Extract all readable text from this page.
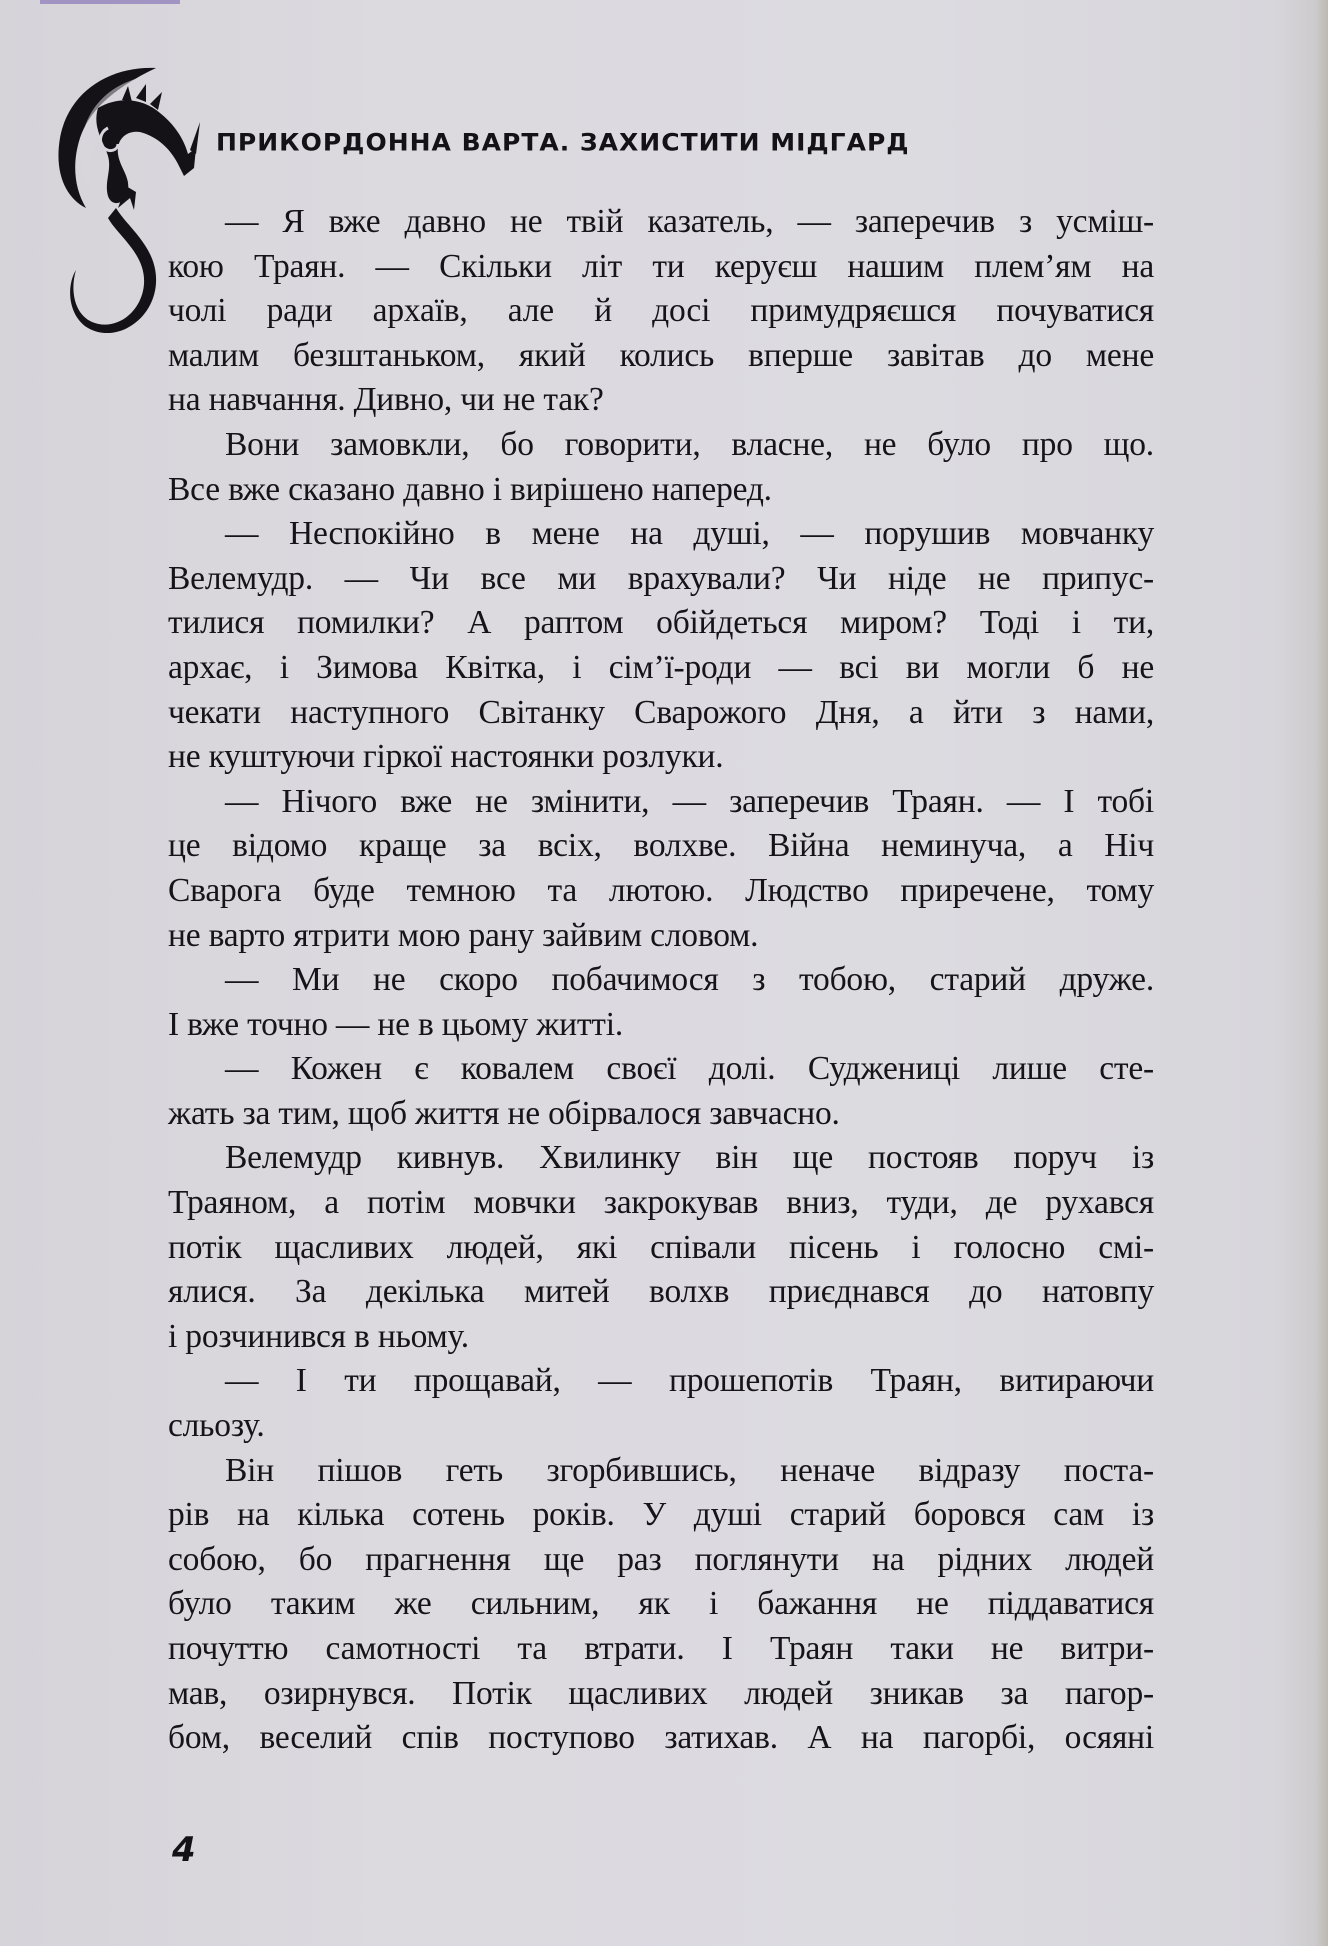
ПРИКОРДОННА ВАРТА. ЗАХИСТИТИ МІДГАРД
— Я вже давно не твій казатель, — заперечив з усміш-
кою Траян. — Скільки літ ти керуєш нашим плем’ям на
чолі ради архаїв, але й досі примудряєшся почуватися
малим безштаньком, який колись вперше завітав до мене
на навчання. Дивно, чи не так?
Вони замовкли, бо говорити, власне, не було про що.
Все вже сказано давно і вирішено наперед.
— Неспокійно в мене на душі, — порушив мовчанку
Велемудр. — Чи все ми врахували? Чи ніде не припус-
тилися помилки? А раптом обійдеться миром? Тоді і ти,
архає, і Зимова Квітка, і сім’ї-роди — всі ви могли б не
чекати наступного Світанку Сварожого Дня, а йти з нами,
не куштуючи гіркої настоянки розлуки.
— Нічого вже не змінити, — заперечив Траян. — І тобі
це відомо краще за всіх, волхве. Війна неминуча, а Ніч
Сварога буде темною та лютою. Людство приречене, тому
не варто ятрити мою рану зайвим словом.
— Ми не скоро побачимося з тобою, старий друже.
І вже точно — не в цьому житті.
— Кожен є ковалем своєї долі. Суджениці лише сте-
жать за тим, щоб життя не обірвалося завчасно.
Велемудр кивнув. Хвилинку він ще постояв поруч із
Траяном, а потім мовчки закрокував вниз, туди, де рухався
потік щасливих людей, які співали пісень і голосно смі-
ялися. За декілька митей волхв приєднався до натовпу
і розчинився в ньому.
— І ти прощавай, — прошепотів Траян, витираючи
сльозу.
Він пішов геть згорбившись, неначе відразу поста-
рів на кілька сотень років. У душі старий боровся сам із
собою, бо прагнення ще раз поглянути на рідних людей
було таким же сильним, як і бажання не піддаватися
почуттю самотності та втрати. І Траян таки не витри-
мав, озирнувся. Потік щасливих людей зникав за пагор-
бом, веселий спів поступово затихав. А на пагорбі, осяяні
4
